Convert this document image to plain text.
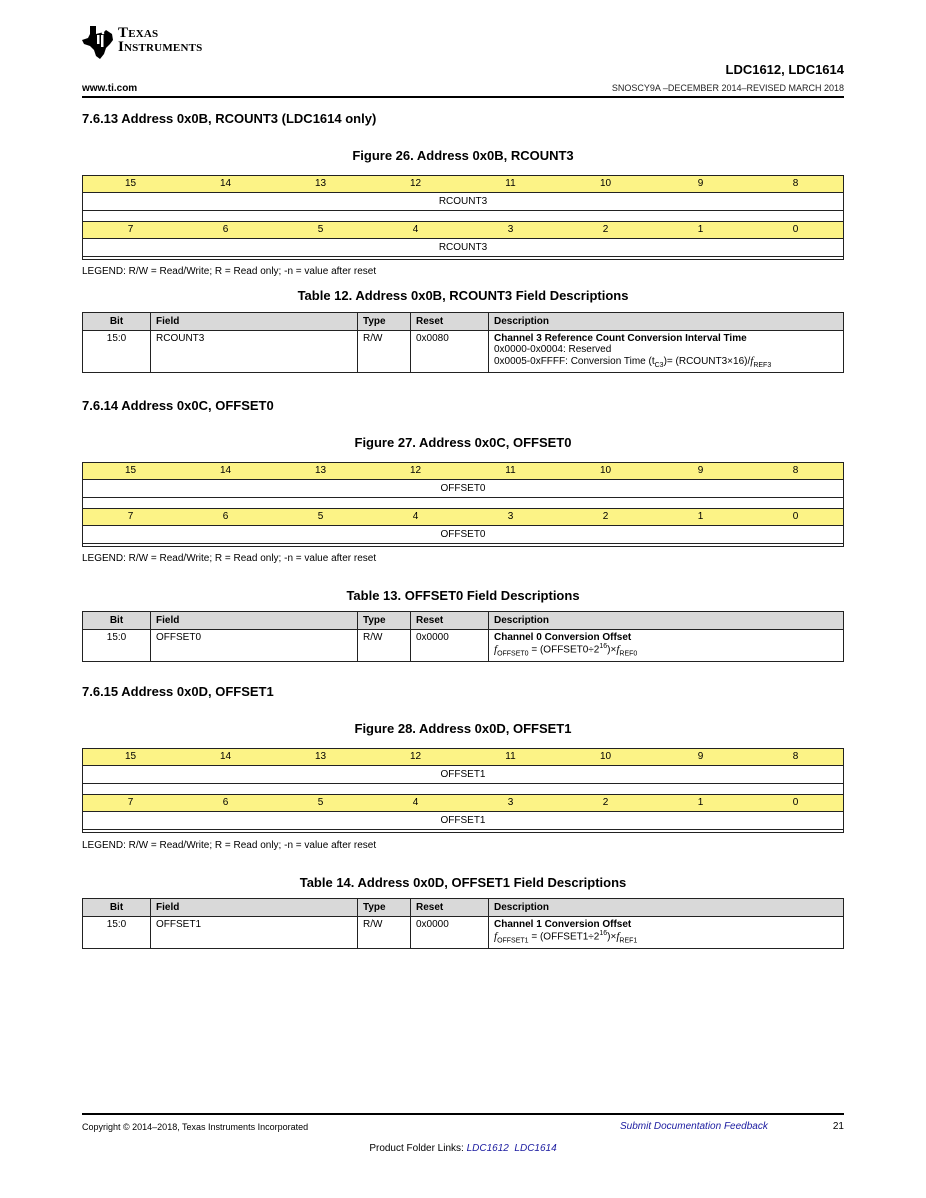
Texas
Instruments
LDC1612, LDC1614
www.ti.com	SNOSCY9A –DECEMBER 2014–REVISED MARCH 2018
7.6.13 Address 0x0B, RCOUNT3 (LDC1614 only)
Figure 26. Address 0x0B, RCOUNT3
15	14	13	12	11	10	9	8
RCOUNT3
7	6	5	4	3	2	1	0
RCOUNT3
LEGEND: R/W = Read/Write; R = Read only; -n = value after reset
Table 12. Address 0x0B, RCOUNT3 Field Descriptions
Bit	Field	Type	Reset	Description
15:0	RCOUNT3	R/W	0x0080	Channel 3 Reference Count Conversion Interval Time
0x0000-0x0004: Reserved
0x0005-0xFFFF: Conversion Time $(t_{C3})=$ $(RCOUNT3\times 16)/f_{REF3}$
7.6.14 Address 0x0C, OFFSET0
Figure 27. Address 0x0C, OFFSET0
15	14	13	12	11	10	9	8
OFFSET0
7	6	5	4	3	2	1	0
OFFSET0
LEGEND: R/W = Read/Write; R = Read only; -n = value after reset
Table 13. OFFSET0 Field Descriptions
Bit	Field	Type	Reset	Description
15:0	OFFSET0	R/W	0x0000	Channel 0 Conversion Offset
$f_{OFFSET0}$ = $(OFFSET0\div 2^{16})\times f_{REF0}$
7.6.15 Address 0x0D, OFFSET1
Figure 28. Address 0x0D, OFFSET1
15	14	13	12	11	10	9	8
OFFSET1
7	6	5	4	3	2	1	0
OFFSET1
LEGEND: R/W = Read/Write; R = Read only; -n = value after reset
Table 14. Address 0x0D, OFFSET1 Field Descriptions
Bit	Field	Type	Reset	Description
15:0	OFFSET1	R/W	0x0000	Channel 1 Conversion Offset
$f_{OFFSET1}$ = $(OFFSET1\div 2^{16})\times f_{REF1}$
Copyright © 2014–2018, Texas Instruments Incorporated	Submit Documentation Feedback	21
Product Folder Links: LDC1612 LDC1614
